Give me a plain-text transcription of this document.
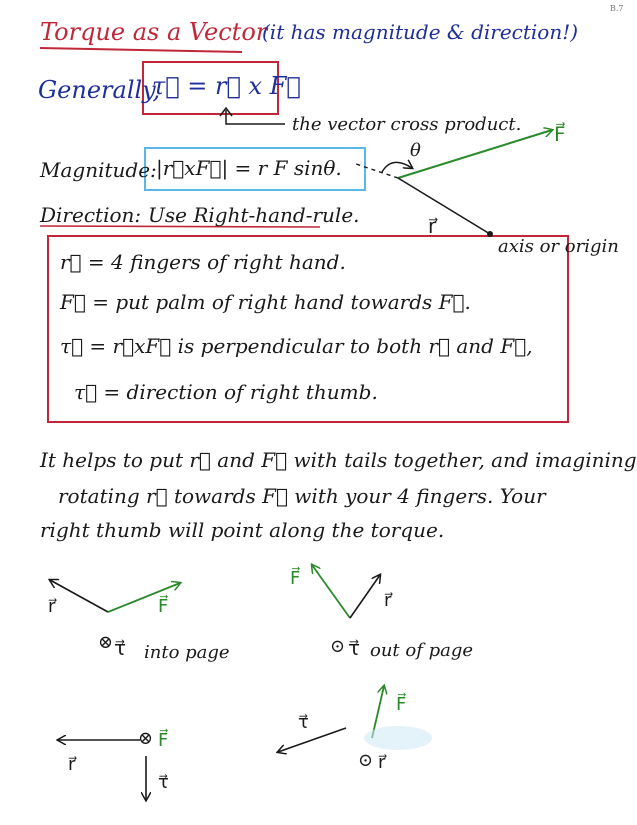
B.7
Torque as a Vector
(it has magnitude & direction!)
Generally,
τ⃗ = r⃗ x F⃗
the vector cross product.
Magnitude: |r⃗xF⃗| = r F sinθ.
Direction: Use Right-hand-rule.
F⃗
θ
r⃗
axis or origin
r⃗ = 4 fingers of right hand.
F⃗ = put palm of right hand towards F⃗.
τ⃗ = r⃗xF⃗ is perpendicular to both r⃗ and F⃗,
τ⃗ = direction of right thumb.
It helps to put r⃗ and F⃗ with tails together, and imagining
rotating r⃗ towards F⃗ with your 4 fingers. Your
right thumb will point along the torque.
r⃗	F⃗
⊗ τ⃗ into page
F⃗
r⃗
⊙ τ⃗ out of page
r⃗
⊗ F⃗
τ⃗
τ⃗
F⃗
⊙ r⃗
